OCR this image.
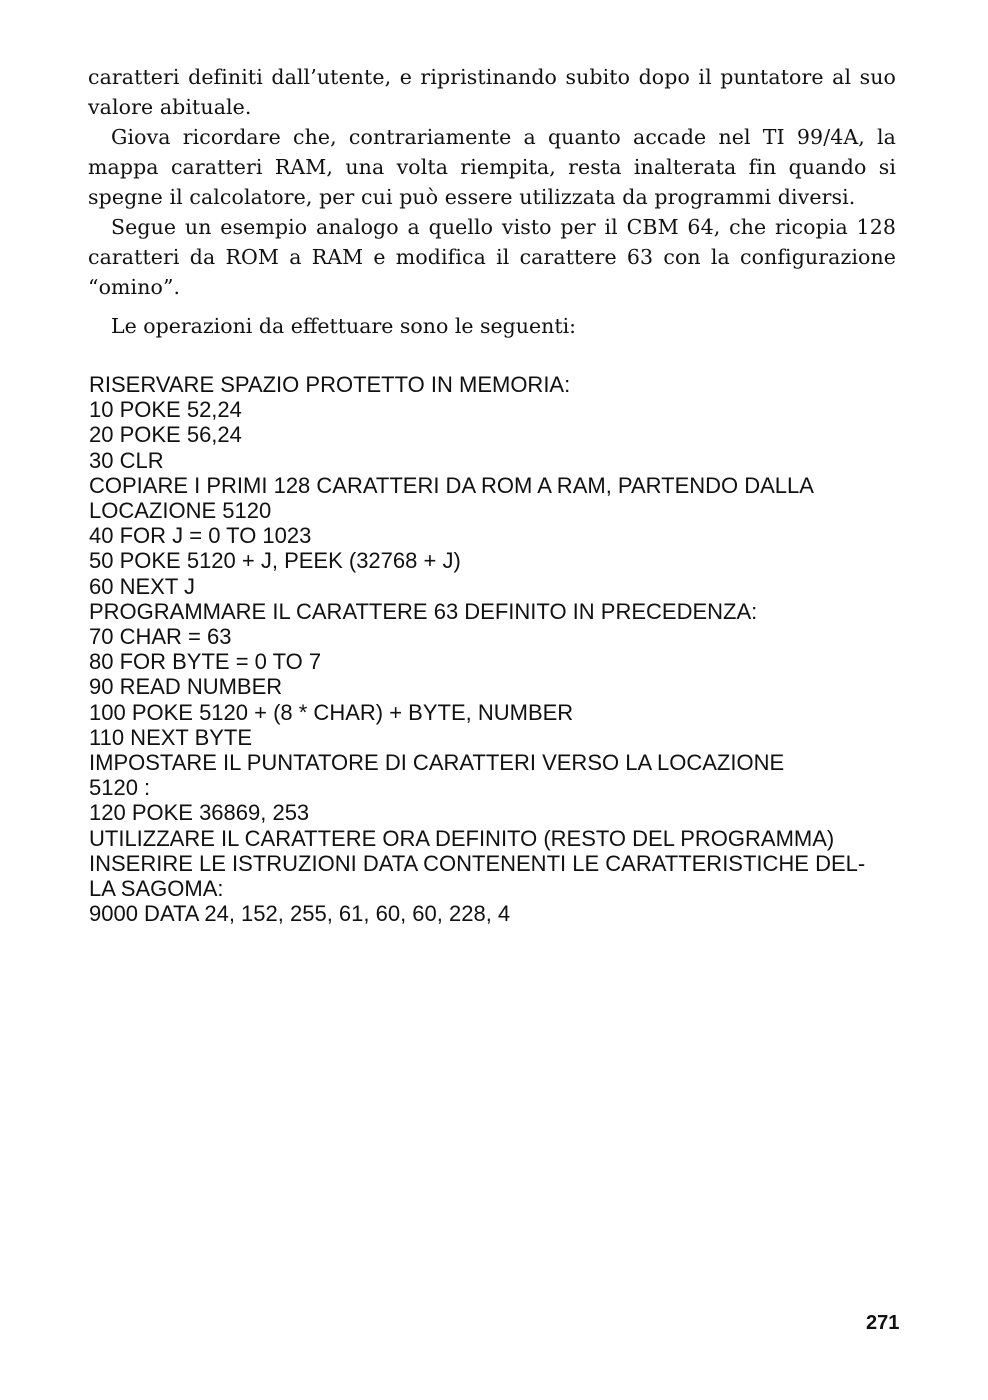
caratteri definiti dall’utente, e ripristinando subito dopo il puntatore al suo valore abituale.

Giova ricordare che, contrariamente a quanto accade nel TI 99/4A, la mappa caratteri RAM, una volta riempita, resta inalterata fin quando si spegne il calcolatore, per cui può essere utilizzata da programmi diversi.

Segue un esempio analogo a quello visto per il CBM 64, che ricopia 128 caratteri da ROM a RAM e modifica il carattere 63 con la configurazione “omino”.

Le operazioni da effettuare sono le seguenti:
RISERVARE SPAZIO PROTETTO IN MEMORIA:
10 POKE 52,24
20 POKE 56,24
30 CLR
COPIARE I PRIMI 128 CARATTERI DA ROM A RAM, PARTENDO DALLA
LOCAZIONE 5120
40 FOR J = 0 TO 1023
50 POKE 5120 + J, PEEK (32768 + J)
60 NEXT J
PROGRAMMARE IL CARATTERE 63 DEFINITO IN PRECEDENZA:
70 CHAR = 63
80 FOR BYTE = 0 TO 7
90 READ NUMBER
100 POKE 5120 + (8 * CHAR) + BYTE, NUMBER
110 NEXT BYTE
IMPOSTARE IL PUNTATORE DI CARATTERI VERSO LA LOCAZIONE
5120 :
120 POKE 36869, 253
UTILIZZARE IL CARATTERE ORA DEFINITO (RESTO DEL PROGRAMMA)
INSERIRE LE ISTRUZIONI DATA CONTENENTI LE CARATTERISTICHE DEL-
LA SAGOMA:
9000 DATA 24, 152, 255, 61, 60, 60, 228, 4
271
